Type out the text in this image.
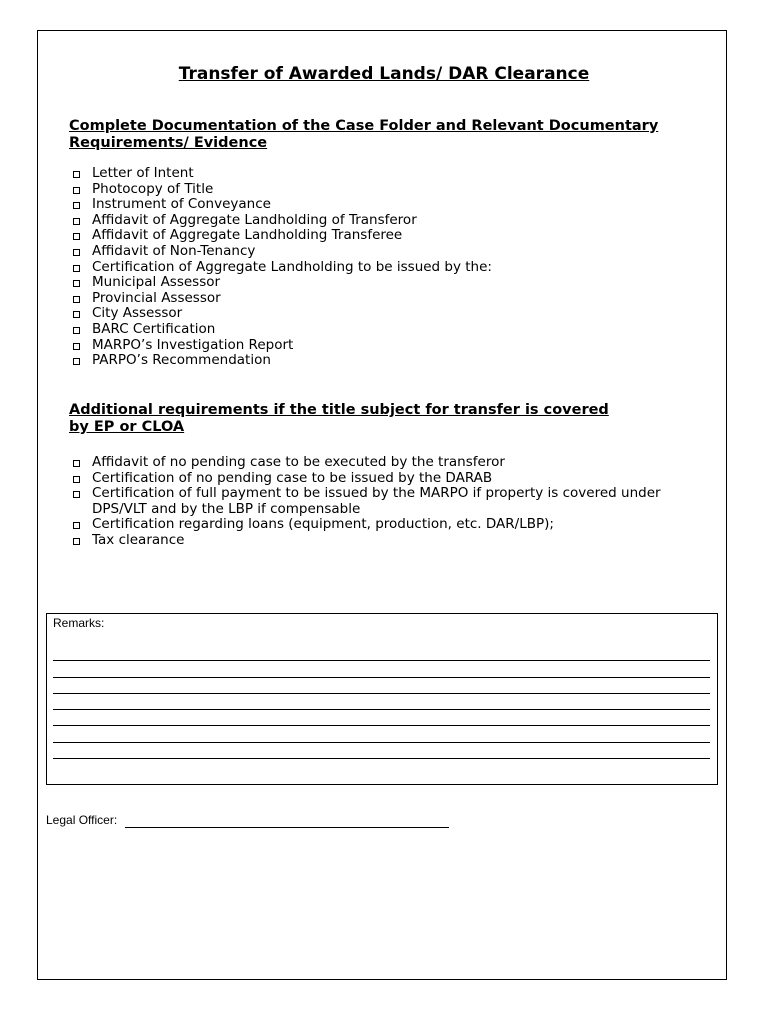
Transfer of Awarded Lands/ DAR Clearance
Complete Documentation of the Case Folder and Relevant Documentary Requirements/ Evidence
Letter of Intent
Photocopy of Title
Instrument of Conveyance
Affidavit of Aggregate Landholding of Transferor
Affidavit of Aggregate Landholding Transferee
Affidavit of Non-Tenancy
Certification of Aggregate Landholding to be issued by the:
Municipal Assessor
Provincial Assessor
City Assessor
BARC Certification
MARPO’s Investigation Report
PARPO’s Recommendation
Additional requirements if the title subject for transfer is covered by EP or CLOA
Affidavit of no pending case to be executed by the transferor
Certification of no pending case to be issued by the DARAB
Certification of full payment to be issued by the MARPO if property is covered under DPS/VLT and by the LBP if compensable
Certification regarding loans (equipment, production, etc. DAR/LBP);
Tax clearance
Remarks:
Legal Officer:
